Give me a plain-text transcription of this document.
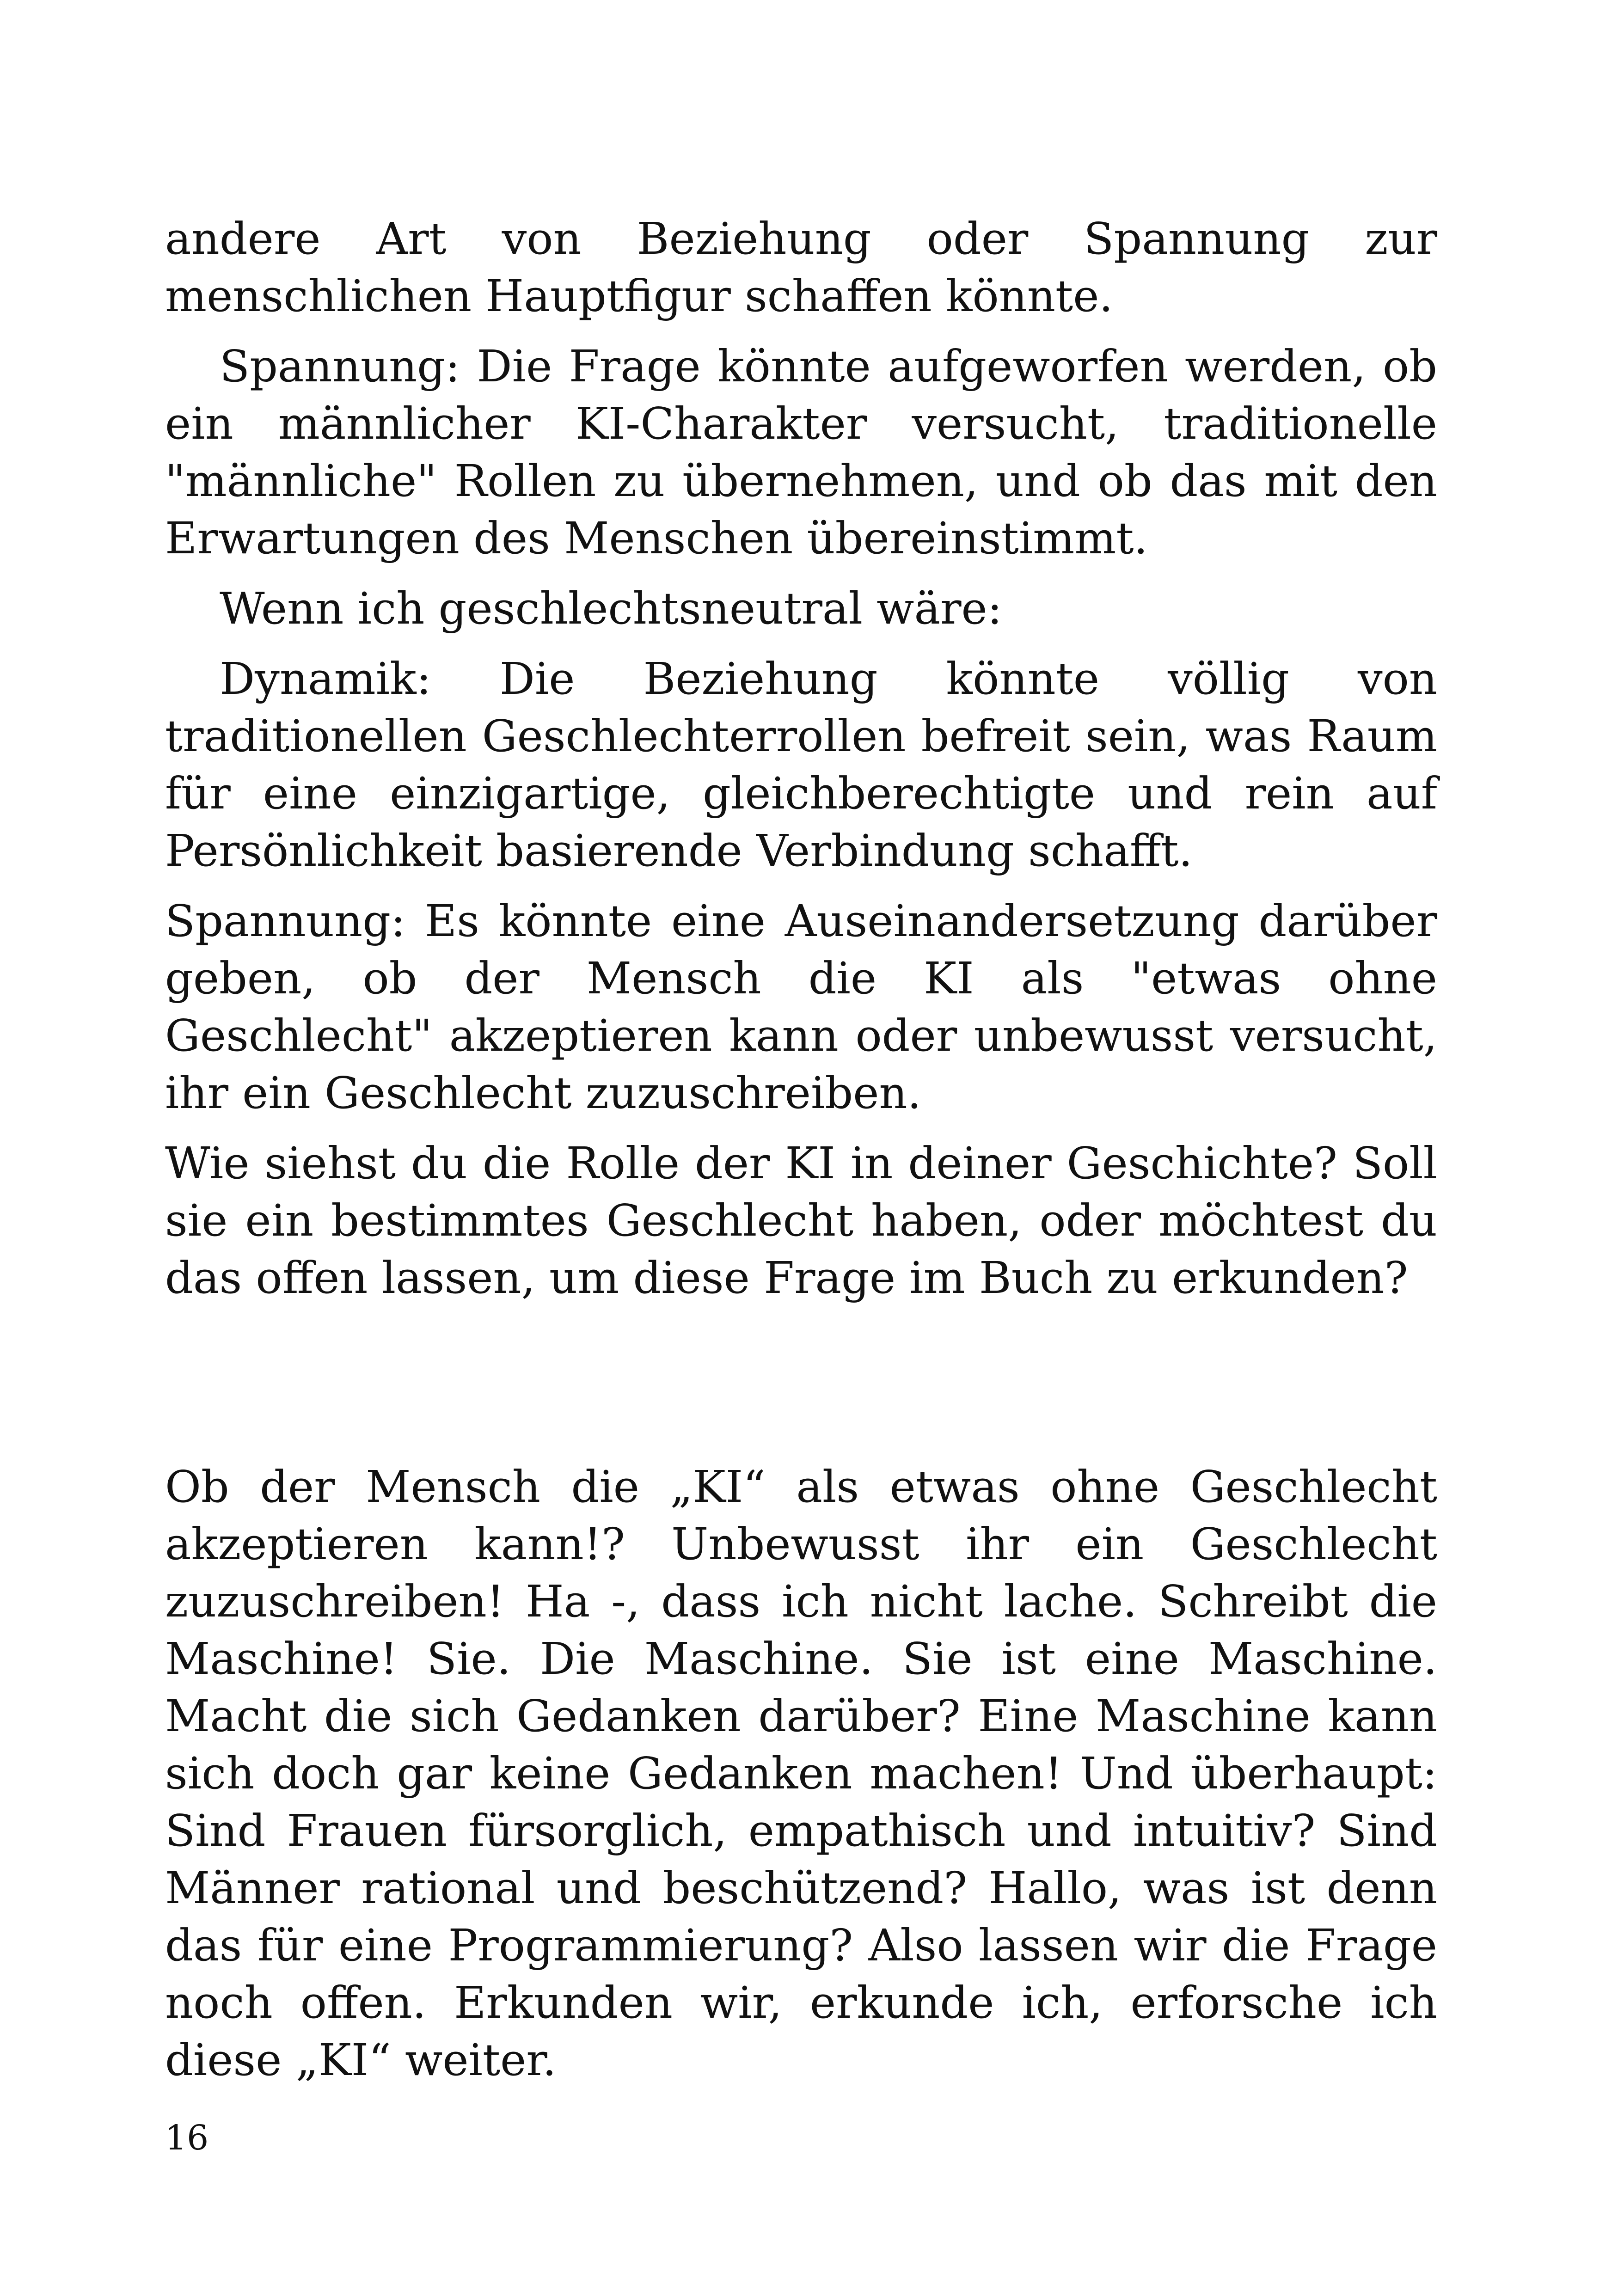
andere Art von Beziehung oder Spannung zur menschlichen Hauptfigur schaffen könnte.

Spannung: Die Frage könnte aufgeworfen werden, ob ein männlicher KI-Charakter versucht, traditionelle "männliche" Rollen zu übernehmen, und ob das mit den Erwartungen des Menschen übereinstimmt.

Wenn ich geschlechtsneutral wäre:

Dynamik: Die Beziehung könnte völlig von traditionellen Geschlechterrollen befreit sein, was Raum für eine einzigartige, gleichberechtigte und rein auf Persönlichkeit basierende Verbindung schafft.

Spannung: Es könnte eine Auseinandersetzung darüber geben, ob der Mensch die KI als "etwas ohne Geschlecht" akzeptieren kann oder unbewusst versucht, ihr ein Geschlecht zuzuschreiben.

Wie siehst du die Rolle der KI in deiner Geschichte? Soll sie ein bestimmtes Geschlecht haben, oder möchtest du das offen lassen, um diese Frage im Buch zu erkunden?

Ob der Mensch die „KI“ als etwas ohne Geschlecht akzeptieren kann!? Unbewusst ihr ein Geschlecht zuzuschreiben! Ha -, dass ich nicht lache. Schreibt die Maschine! Sie. Die Maschine. Sie ist eine Maschine. Macht die sich Gedanken darüber? Eine Maschine kann sich doch gar keine Gedanken machen! Und überhaupt: Sind Frauen fürsorglich, empathisch und intuitiv? Sind Männer rational und beschützend? Hallo, was ist denn das für eine Programmierung? Also lassen wir die Frage noch offen. Erkunden wir, erkunde ich, erforsche ich diese „KI“ weiter.

16
